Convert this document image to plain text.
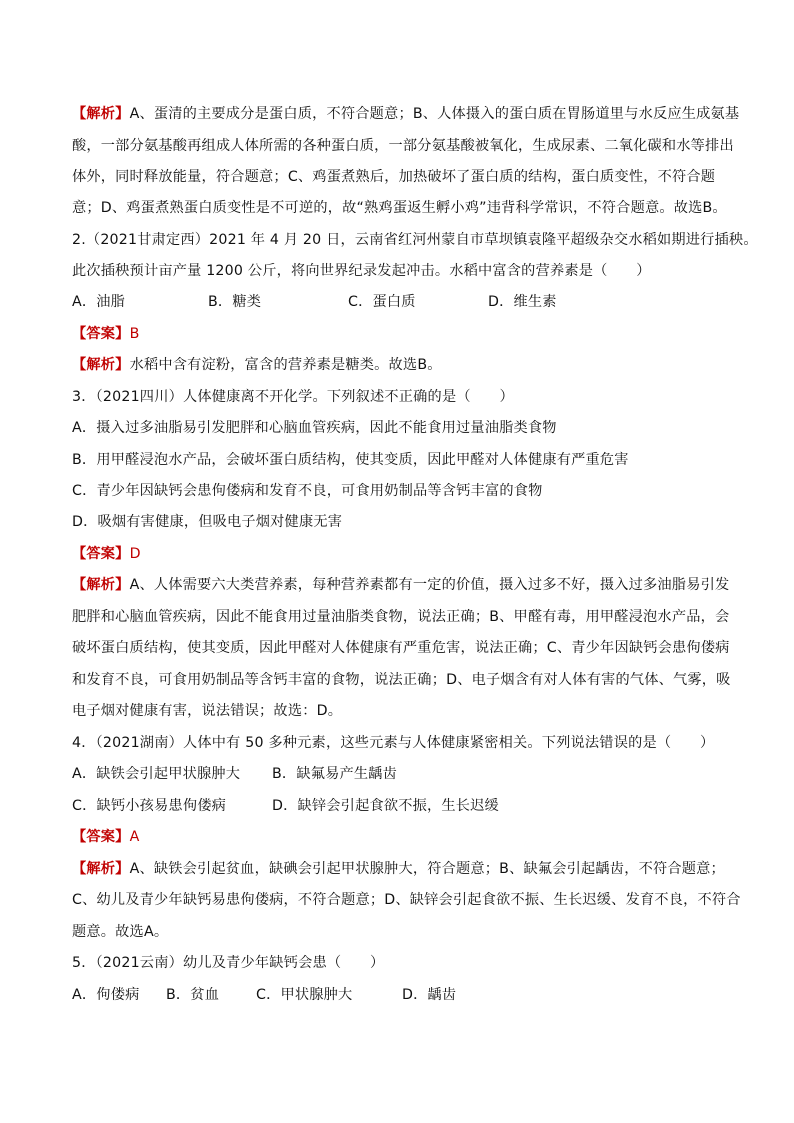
【解析】A、蛋清的主要成分是蛋白质，不符合题意；B、人体摄入的蛋白质在胃肠道里与水反应生成氨基
酸，一部分氨基酸再组成人体所需的各种蛋白质，一部分氨基酸被氧化，生成尿素、二氧化碳和水等排出
体外，同时释放能量，符合题意；C、鸡蛋煮熟后，加热破坏了蛋白质的结构，蛋白质变性，不符合题
意；D、鸡蛋煮熟蛋白质变性是不可逆的，故“熟鸡蛋返生孵小鸡”违背科学常识，不符合题意。故选B。
2.（2021甘肃定西）2021 年 4 月 20 日，云南省红河州蒙自市草坝镇袁隆平超级杂交水稻如期进行插秧。
此次插秧预计亩产量 1200 公斤，将向世界纪录发起冲击。水稻中富含的营养素是（　　）
A．油脂	B．糖类	C．蛋白质	D．维生素
【答案】B
【解析】水稻中含有淀粉，富含的营养素是糖类。故选B。
3．（2021四川）人体健康离不开化学。下列叙述不正确的是（　　）
A．摄入过多油脂易引发肥胖和心脑血管疾病，因此不能食用过量油脂类食物
B．用甲醛浸泡水产品，会破坏蛋白质结构，使其变质，因此甲醛对人体健康有严重危害
C．青少年因缺钙会患佝偻病和发育不良，可食用奶制品等含钙丰富的食物
D．吸烟有害健康，但吸电子烟对健康无害
【答案】D
【解析】A、人体需要六大类营养素，每种营养素都有一定的价值，摄入过多不好，摄入过多油脂易引发
肥胖和心脑血管疾病，因此不能食用过量油脂类食物，说法正确；B、甲醛有毒，用甲醛浸泡水产品，会
破坏蛋白质结构，使其变质，因此甲醛对人体健康有严重危害，说法正确；C、青少年因缺钙会患佝偻病
和发育不良，可食用奶制品等含钙丰富的食物，说法正确；D、电子烟含有对人体有害的气体、气雾，吸
电子烟对健康有害，说法错误；故选：D。
4．（2021湖南）人体中有 50 多种元素，这些元素与人体健康紧密相关。下列说法错误的是（　　）
A．缺铁会引起甲状腺肿大 B．缺氟易产生龋齿
C．缺钙小孩易患佝偻病	D．缺锌会引起食欲不振，生长迟缓
【答案】A
【解析】A、缺铁会引起贫血，缺碘会引起甲状腺肿大，符合题意；B、缺氟会引起龋齿，不符合题意；
C、幼儿及青少年缺钙易患佝偻病，不符合题意；D、缺锌会引起食欲不振、生长迟缓、发育不良，不符合
题意。故选A。
5．（2021云南）幼儿及青少年缺钙会患（　　）
A．佝偻病 B．贫血	C．甲状腺肿大	D．龋齿
